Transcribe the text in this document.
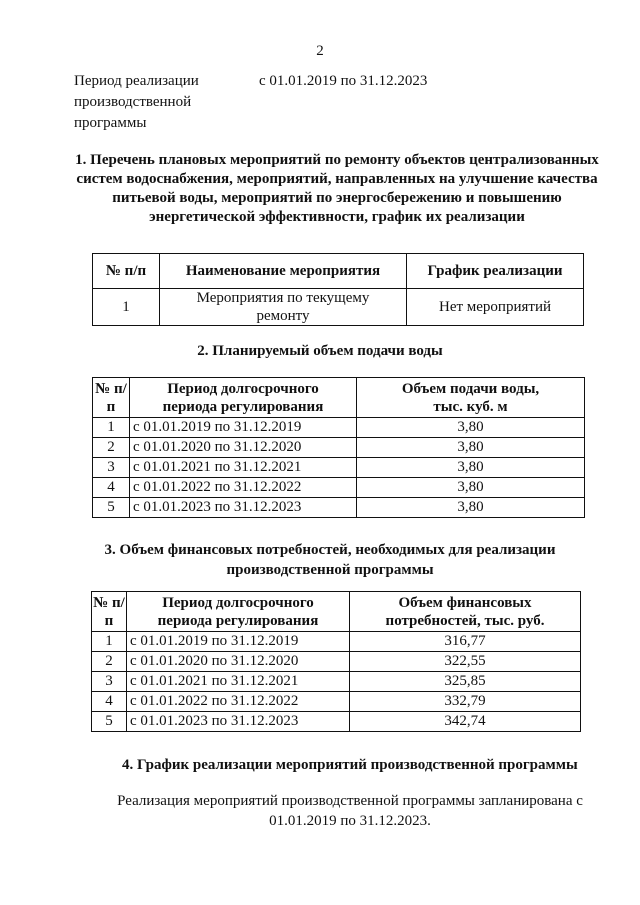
2
Период реализации производственной программы
с 01.01.2019 по 31.12.2023
1. Перечень плановых мероприятий по ремонту объектов централизованных систем водоснабжения, мероприятий, направленных на улучшение качества питьевой воды, мероприятий по энергосбережению и повышению энергетической эффективности, график их реализации
№ п/п	Наименование мероприятия	График реализации
1	Мероприятия по текущему ремонту	Нет мероприятий
2. Планируемый объем подачи воды
№ п/п	Период долгосрочного периода регулирования	Объем подачи воды, тыс. куб. м
1	с 01.01.2019 по 31.12.2019	3,80
2	с 01.01.2020 по 31.12.2020	3,80
3	с 01.01.2021 по 31.12.2021	3,80
4	с 01.01.2022 по 31.12.2022	3,80
5	с 01.01.2023 по 31.12.2023	3,80
3. Объем финансовых потребностей, необходимых для реализации производственной программы
№ п/п	Период долгосрочного периода регулирования	Объем финансовых потребностей, тыс. руб.
1	с 01.01.2019 по 31.12.2019	316,77
2	с 01.01.2020 по 31.12.2020	322,55
3	с 01.01.2021 по 31.12.2021	325,85
4	с 01.01.2022 по 31.12.2022	332,79
5	с 01.01.2023 по 31.12.2023	342,74
4. График реализации мероприятий производственной программы
Реализация мероприятий производственной программы запланирована с 01.01.2019 по 31.12.2023.
